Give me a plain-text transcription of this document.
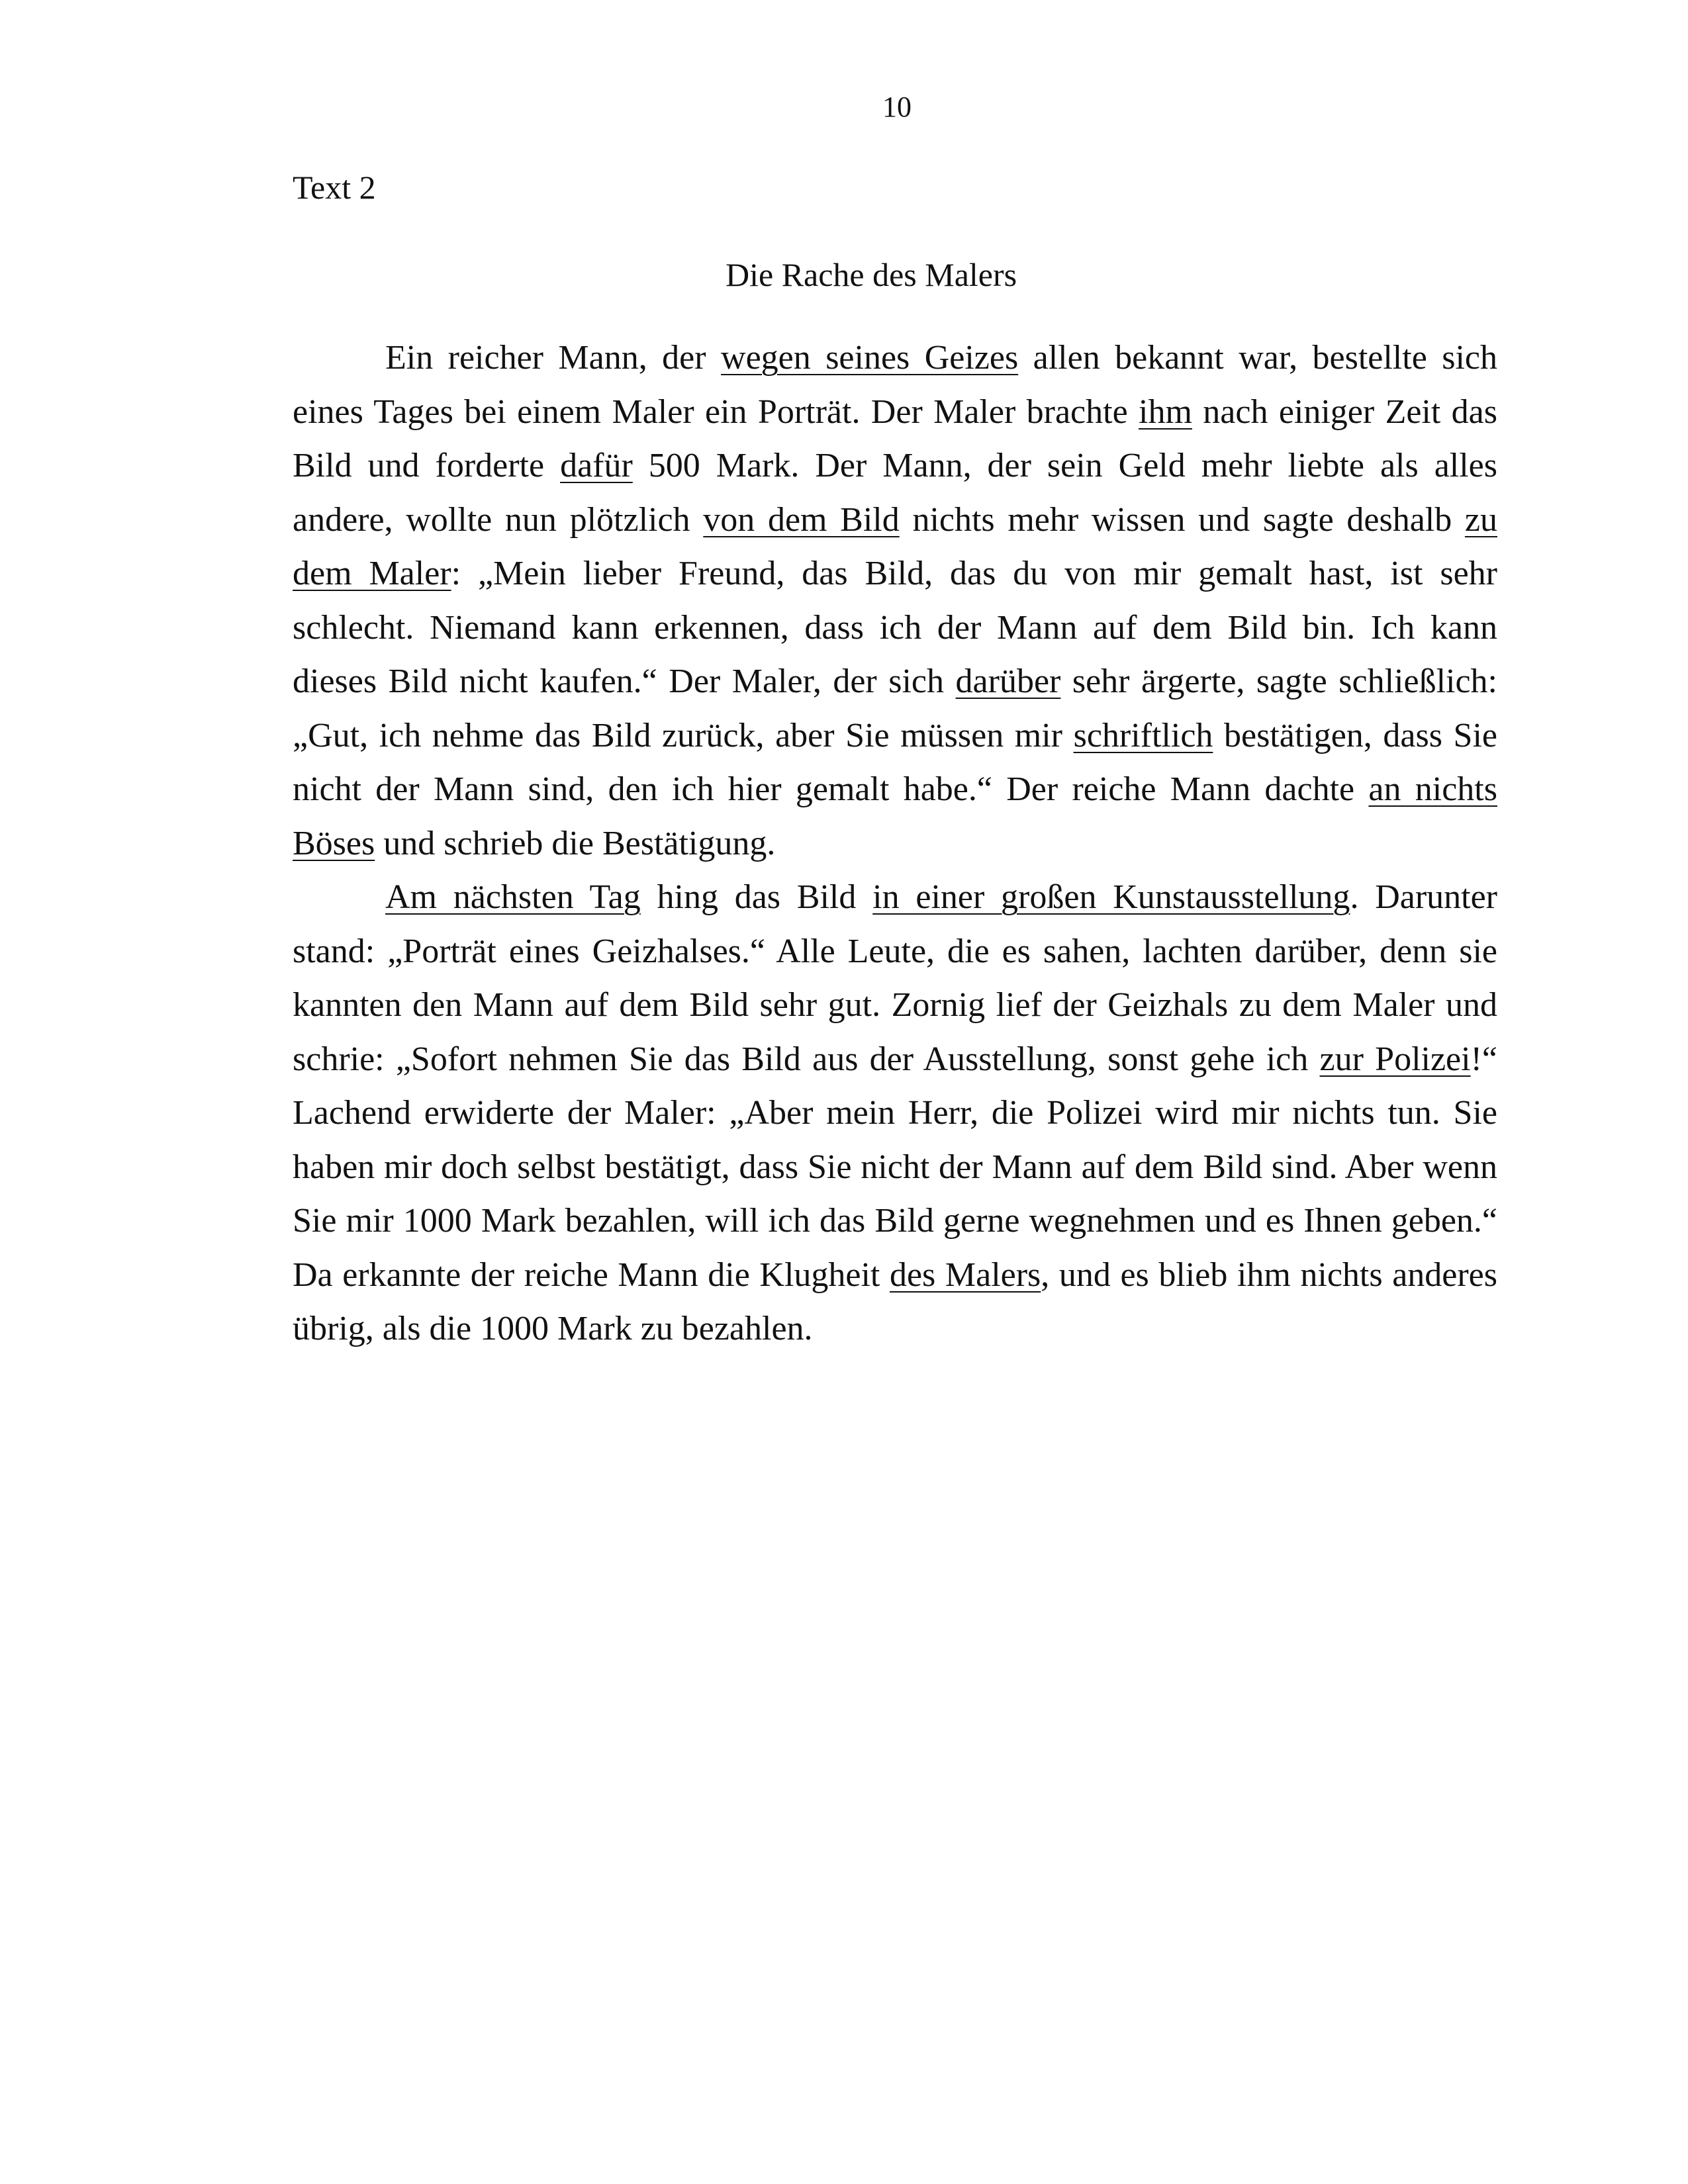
10
Text 2
Die Rache des Malers

Ein reicher Mann, der wegen seines Geizes allen bekannt war, bestellte sich eines Tages bei einem Maler ein Porträt. Der Maler brachte ihm nach einiger Zeit das Bild und forderte dafür 500 Mark. Der Mann, der sein Geld mehr liebte als alles andere, wollte nun plötzlich von dem Bild nichts mehr wissen und sagte deshalb zu dem Maler: „Mein lieber Freund, das Bild, das du von mir gemalt hast, ist sehr schlecht. Niemand kann erkennen, dass ich der Mann auf dem Bild bin. Ich kann dieses Bild nicht kaufen.“ Der Maler, der sich darüber sehr ärgerte, sagte schließlich: „Gut, ich nehme das Bild zurück, aber Sie müssen mir schriftlich bestätigen, dass Sie nicht der Mann sind, den ich hier gemalt habe.“ Der reiche Mann dachte an nichts Böses und schrieb die Bestätigung.

Am nächsten Tag hing das Bild in einer großen Kunstausstellung. Darunter stand: „Porträt eines Geizhalses.“ Alle Leute, die es sahen, lachten darüber, denn sie kannten den Mann auf dem Bild sehr gut. Zornig lief der Geizhals zu dem Maler und schrie: „Sofort nehmen Sie das Bild aus der Ausstellung, sonst gehe ich zur Polizei!“ Lachend erwiderte der Maler: „Aber mein Herr, die Polizei wird mir nichts tun. Sie haben mir doch selbst bestätigt, dass Sie nicht der Mann auf dem Bild sind. Aber wenn Sie mir 1000 Mark bezahlen, will ich das Bild gerne wegnehmen und es Ihnen geben.“ Da erkannte der reiche Mann die Klugheit des Malers, und es blieb ihm nichts anderes übrig, als die 1000 Mark zu bezahlen.
